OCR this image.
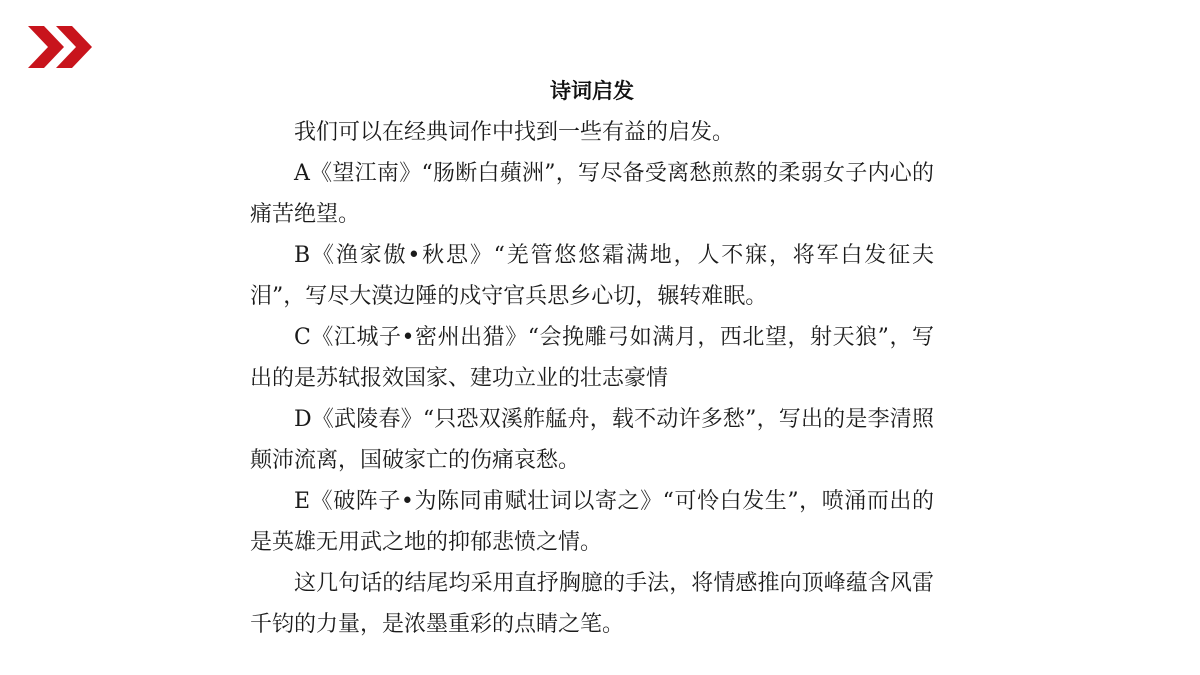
诗词启发

我们可以在经典词作中找到一些有益的启发。

A《望江南》“肠断白蘋洲”，写尽备受离愁煎熬的柔弱女子内心的痛苦绝望。

B《渔家傲•秋思》“羌管悠悠霜满地，人不寐，将军白发征夫泪”，写尽大漠边陲的戍守官兵思乡心切，辗转难眠。

C《江城子•密州出猎》“会挽雕弓如满月，西北望，射天狼”，写出的是苏轼报效国家、建功立业的壮志豪情

D《武陵春》“只恐双溪舴艋舟，载不动许多愁”，写出的是李清照颠沛流离，国破家亡的伤痛哀愁。

E《破阵子•为陈同甫赋壮词以寄之》“可怜白发生”，喷涌而出的是英雄无用武之地的抑郁悲愤之情。

这几句话的结尾均采用直抒胸臆的手法，将情感推向顶峰蕴含风雷千钧的力量，是浓墨重彩的点睛之笔。
